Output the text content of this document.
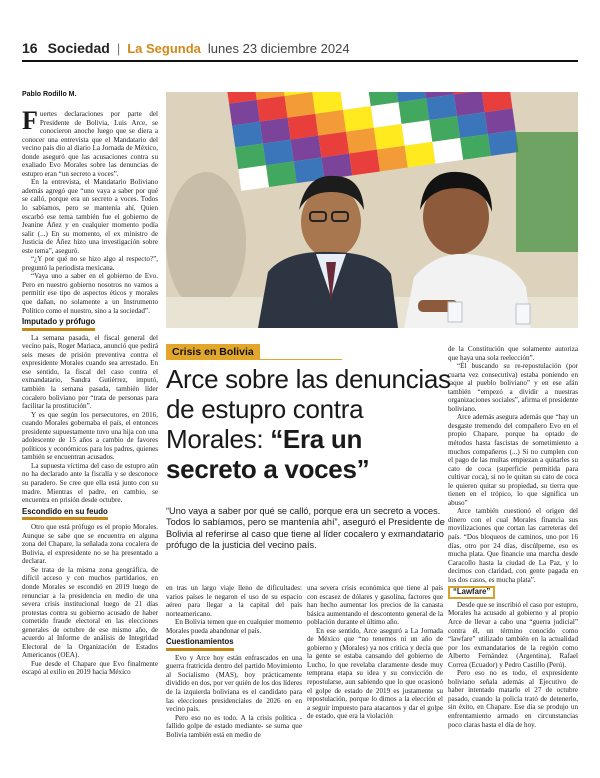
16 Sociedad | La Segunda lunes 23 diciembre 2024
Pablo Rodillo M.

Fuertes declaraciones por parte del Presidente de Bolivia, Luis Arce, se conocieron anoche luego que se diera a conocer una entrevista que el Mandatario del vecino país dio al diario La Jornada de México, donde aseguró que las acusaciones contra su exaliado Evo Morales sobre las denuncias de estupro eran “un secreto a voces”.

En la entrevista, el Mandatario Boliviano además agregó que “uno vaya a saber por qué se calló, porque era un secreto a voces. Todos lo sabíamos, pero se mantenía ahí. Quien escarbó ese tema también fue el gobierno de Jeanine Áñez y en cualquier momento podía salir (...) En su momento, el ex ministro de Justicia de Áñez hizo una investigación sobre este tema”, aseguró.

“¿Y por qué no se hizo algo al respecto?”, preguntó la periodista mexicana.

“Vaya uno a saber en el gobierno de Evo. Pero en nuestro gobierno nosotros no vamos a permitir ese tipo de aspectos éticos y morales que dañan, no solamente a un Instrumento Político como el nuestro, sino a la sociedad”.

Imputado y prófugo

La semana pasada, el fiscal general del vecino país, Roger Mariaca, anunció que pedirá seis meses de prisión preventiva contra el expresidente Morales cuando sea arrestado. En ese sentido, la fiscal del caso contra el exmandatario, Sandra Gutiérrez, imputó, también la semana pasada, también líder cocalero boliviano por “trata de personas para facilitar la prostitución”.

Y es que según los persecutores, en 2016, cuando Morales gobernaba el país, el entonces presidente supuestamente tuvo una hija con una adolescente de 15 años a cambio de favores políticos y económicos para los padres, quienes también se encuentran acusados.

La supuesta víctima del caso de estupro aún no ha declarado ante la fiscalía y se desconoce su paradero. Se cree que ella está junto con su madre. Mientras el padre, en cambio, se encuentra en prisión desde octubre.

Escondido en su feudo

Otro que está prófugo es el propio Morales. Aunque se sabe que se encuentra en alguna zona del Chapare, la señalada zona cocalera de Bolivia, el expresidente no se ha presentado a declarar.

Se trata de la misma zona geográfica, de difícil acceso y con muchos partidarios, en donde Morales se escondió en 2019 luego de renunciar a la presidencia en medio de una severa crisis institucional luego de 21 días protestas contra su gobierno acusado de haber cometido fraude electoral en las elecciones generales de octubre de ese mismo año, de acuerdo al Informe de análisis de Integridad Electoral de la Organización de Estados Americanos (OEA).

Fue desde el Chapare que Evo finalmente escapó al exilio en 2019 hacia México

Crisis en Bolivia
Arce sobre las denuncias de estupro contra Morales: “Era un secreto a voces”
“Uno vaya a saber por qué se calló, porque era un secreto a voces. Todos lo sabíamos, pero se mantenía ahí”, aseguró el Presidente de Bolivia al referirse al caso que tiene al líder cocalero y exmandatario prófugo de la justicia del vecino país.

en tras un largo viaje lleno de dificultades: varios países le negaron el uso de su espacio aéreo para llegar a la capital del país norteamericano.

En Bolivia temen que en cualquier momento Morales pueda abandonar el país.

Cuestionamientos

Evo y Arce hoy están enfrascados en una guerra fratricida dentro del partido Movimiento al Socialismo (MAS), hoy prácticamente dividido en dos, por ver quién de los dos líderes de la izquierda boliviana es el candidato para las elecciones presidenciales de 2026 en en vecino país.

Pero eso no es todo. A la crisis política -fallido golpe de estado mediante- se suma que Bolivia también está en medio de

una severa crisis económica que tiene al país con escasez de dólares y gasolina, factores que han hecho aumentar los precios de la canasta básica aumentando el descontento general de la población durante el último año.

En ese sentido, Arce aseguró a La Jornada de México que “no tenemos ni un año de gobierno y (Morales) ya nos critica y decía que la gente se estaba cansando del gobierno de Lucho, lo que revelaba claramente desde muy temprana etapa su idea y su convicción de repostularse, aun sabiendo que lo que ocasionó el golpe de estado de 2019 es justamente su repostulación, porque lo dimos a la elección el a seguir impuesto para atacarnos y dar el golpe de estado, que era la violación

de la Constitución que solamente autoriza que haya una sola reelección”.

“Él buscando su re-repostulación (por cuarta vez consecutiva) estaba poniendo en jaque al pueblo boliviano” y en ese afán también “empezó a dividir a nuestras organizaciones sociales”, afirma el presidente boliviano.

Arce además asegura además que “hay un desgaste tremendo del compañero Evo en el propio Chapare, porque ha optado de métodos hasta fascistas de sometimiento a muchos compañeros (...) Si no cumplen con el pago de las multas empiezan a quitarles su cato de coca (superficie permitida para cultivar coca), si no le quitan su cato de coca le quieren quitar su propiedad, su tierra que tienen en el trópico, lo que significa un abuso”

Arce también cuestionó el origen del dinero con el cual Morales financia sus movilizaciones que cortan las carreteras del país. “Dos bloqueos de caminos, uno por 16 días, otro por 24 días, discúlpeme, eso es mucha plata. Que financie una marcha desde Caracollo hasta la ciudad de La Paz, y lo decimos con claridad, con gente pagada en los dos casos, es mucha plata”.

“Lawfare”

Desde que se inscribió el caso por estupro, Morales ha acusado al gobierno y al propio Arce de llevar a cabo una “guerra judicial” contra él, un término conocido como “lawfare” utilizado también en la actualidad por los exmandatarios de la región como Alberto Fernández (Argentina), Rafael Correa (Ecuador) y Pedro Castillo (Perú).

Pero eso no es todo, el expresidente boliviano señala además al Ejecutivo de haber intentado matarlo el 27 de octubre pasado, cuando la policía trató de detenerlo, sin éxito, en Chapare. Ese día se produjo un enfrentamiento armado en circunstancias poco claras hasta el día de hoy.
